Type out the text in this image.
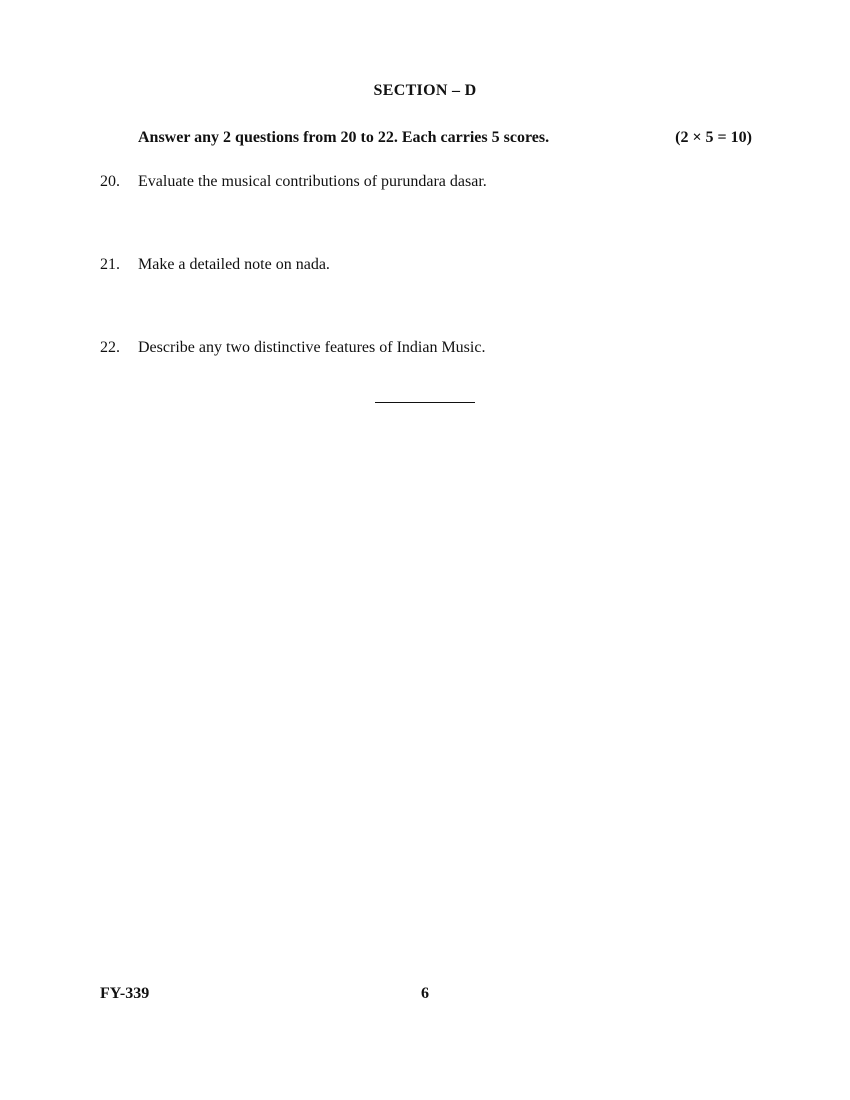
SECTION – D
Answer any 2 questions from 20 to 22. Each carries 5 scores.	(2 × 5 = 10)
20. Evaluate the musical contributions of purundara dasar.
21. Make a detailed note on nada.
22. Describe any two distinctive features of Indian Music.
FY-339	6
